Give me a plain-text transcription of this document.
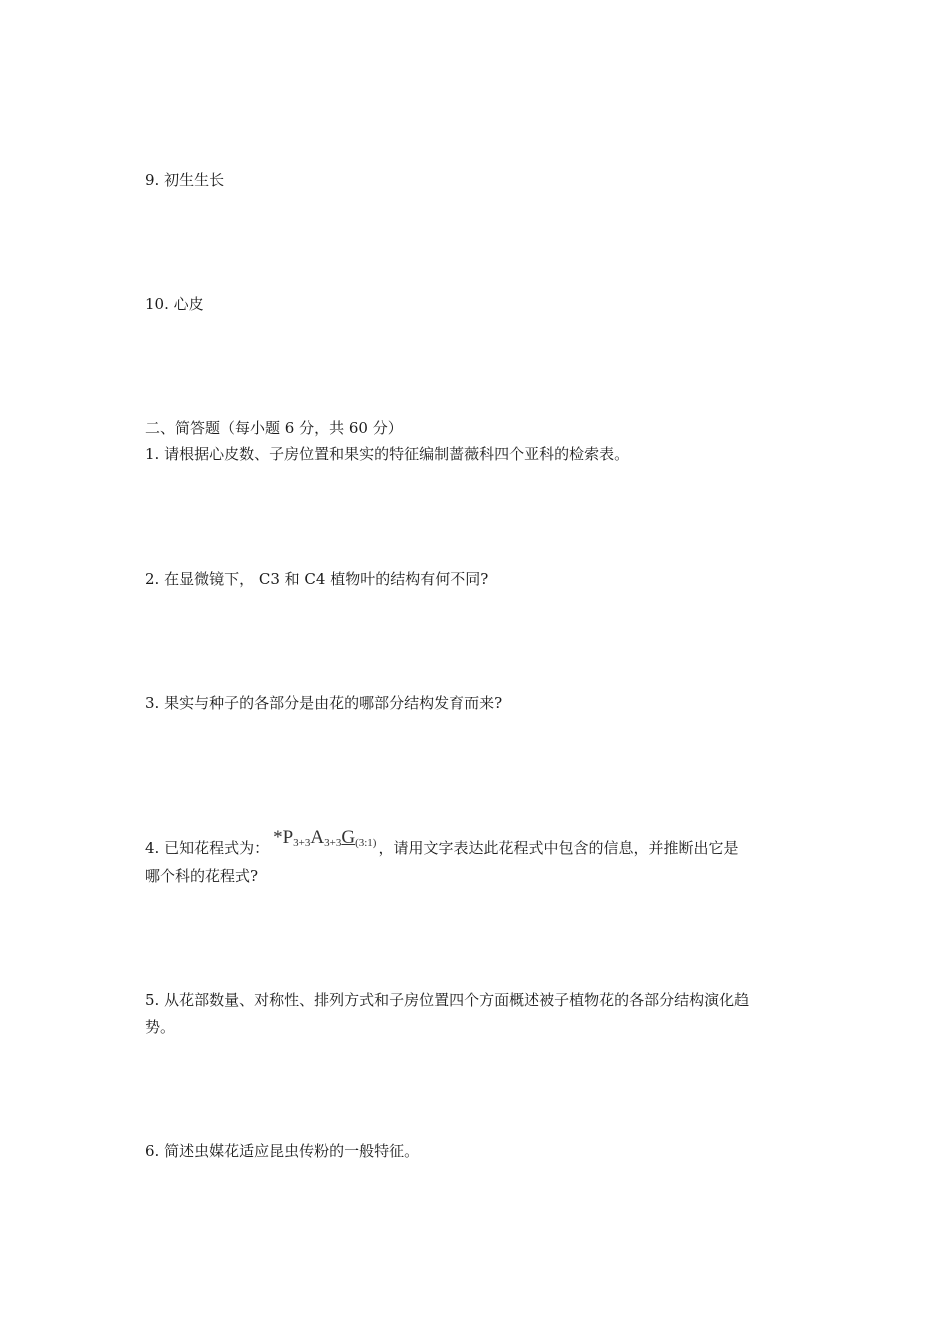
9. 初生生长
10. 心皮
二、简答题（每小题 6 分，共 60 分）
1. 请根据心皮数、子房位置和果实的特征编制蔷薇科四个亚科的检索表。
2. 在显微镜下， C3 和 C4 植物叶的结构有何不同?
3. 果实与种子的各部分是由花的哪部分结构发育而来?
4. 已知花程式为： $*P_{3+3}A_{3+3}G_{(3:1)}$ ，请用文字表达此花程式中包含的信息，并推断出它是
哪个科的花程式?
5. 从花部数量、对称性、排列方式和子房位置四个方面概述被子植物花的各部分结构演化趋
势。
6. 简述虫媒花适应昆虫传粉的一般特征。
